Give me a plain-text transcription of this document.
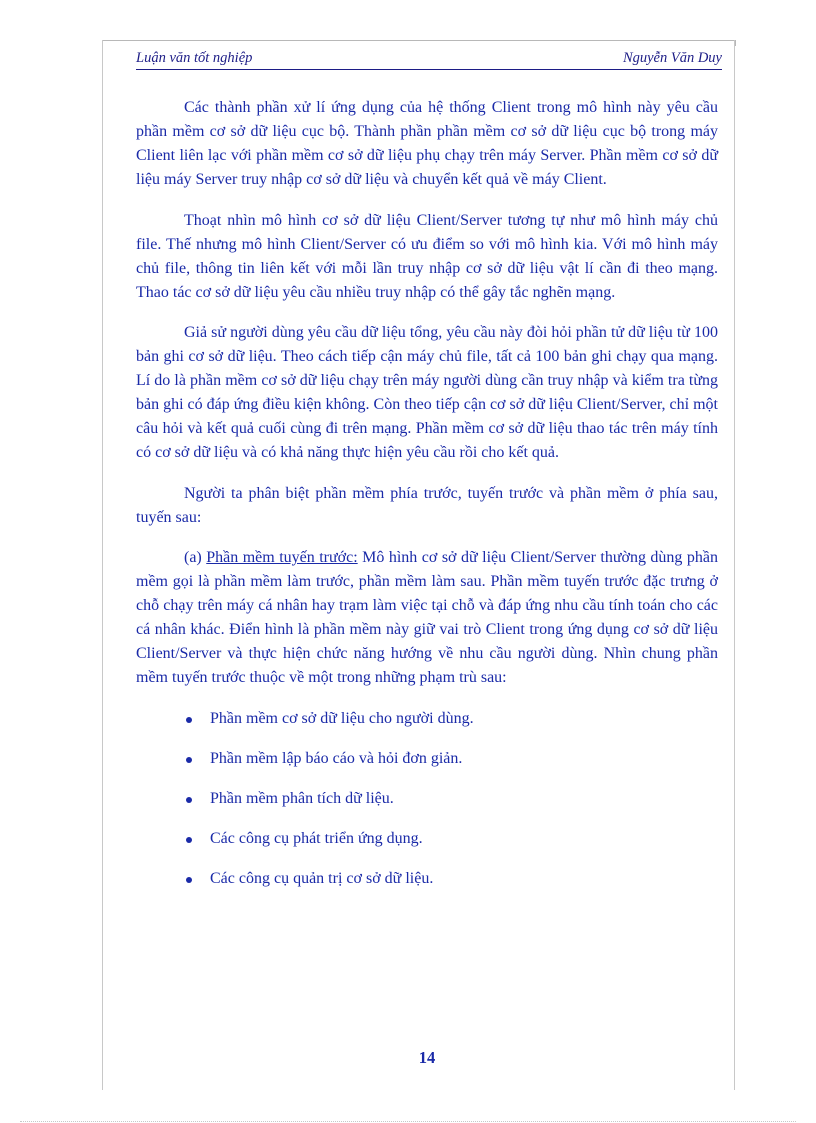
Luận văn tốt nghiệp	Nguyễn Văn Duy

Các thành phần xử lí ứng dụng của hệ thống Client trong mô hình này yêu cầu phần mềm cơ sở dữ liệu cục bộ. Thành phần phần mềm cơ sở dữ liệu cục bộ trong máy Client liên lạc với phần mềm cơ sở dữ liệu phụ chạy trên máy Server. Phần mềm cơ sở dữ liệu máy Server truy nhập cơ sở dữ liệu và chuyển kết quả về máy Client.

Thoạt nhìn mô hình cơ sở dữ liệu Client/Server tương tự như mô hình máy chủ file. Thế nhưng mô hình Client/Server có ưu điểm so với mô hình kia. Với mô hình máy chủ file, thông tin liên kết với mỗi lần truy nhập cơ sở dữ liệu vật lí cần đi theo mạng. Thao tác cơ sở dữ liệu yêu cầu nhiều truy nhập có thể gây tắc nghẽn mạng.

Giả sử người dùng yêu cầu dữ liệu tổng, yêu cầu này đòi hỏi phần tử dữ liệu từ 100 bản ghi cơ sở dữ liệu. Theo cách tiếp cận máy chủ file, tất cả 100 bản ghi chạy qua mạng. Lí do là phần mềm cơ sở dữ liệu chạy trên máy người dùng cần truy nhập và kiểm tra từng bản ghi có đáp ứng điều kiện không. Còn theo tiếp cận cơ sở dữ liệu Client/Server, chỉ một câu hỏi và kết quả cuối cùng đi trên mạng. Phần mềm cơ sở dữ liệu thao tác trên máy tính có cơ sở dữ liệu và có khả năng thực hiện yêu cầu rồi cho kết quả.

Người ta phân biệt phần mềm phía trước, tuyến trước và phần mềm ở phía sau, tuyến sau:

(a) Phần mềm tuyến trước: Mô hình cơ sở dữ liệu Client/Server thường dùng phần mềm gọi là phần mềm làm trước, phần mềm làm sau. Phần mềm tuyến trước đặc trưng ở chỗ chạy trên máy cá nhân hay trạm làm việc tại chỗ và đáp ứng nhu cầu tính toán cho các cá nhân khác. Điển hình là phần mềm này giữ vai trò Client trong ứng dụng cơ sở dữ liệu Client/Server và thực hiện chức năng hướng về nhu cầu người dùng. Nhìn chung phần mềm tuyến trước thuộc về một trong những phạm trù sau:

Phần mềm cơ sở dữ liệu cho người dùng.
Phần mềm lập báo cáo và hỏi đơn giản.
Phần mềm phân tích dữ liệu.
Các công cụ phát triển ứng dụng.
Các công cụ quản trị cơ sở dữ liệu.
14
